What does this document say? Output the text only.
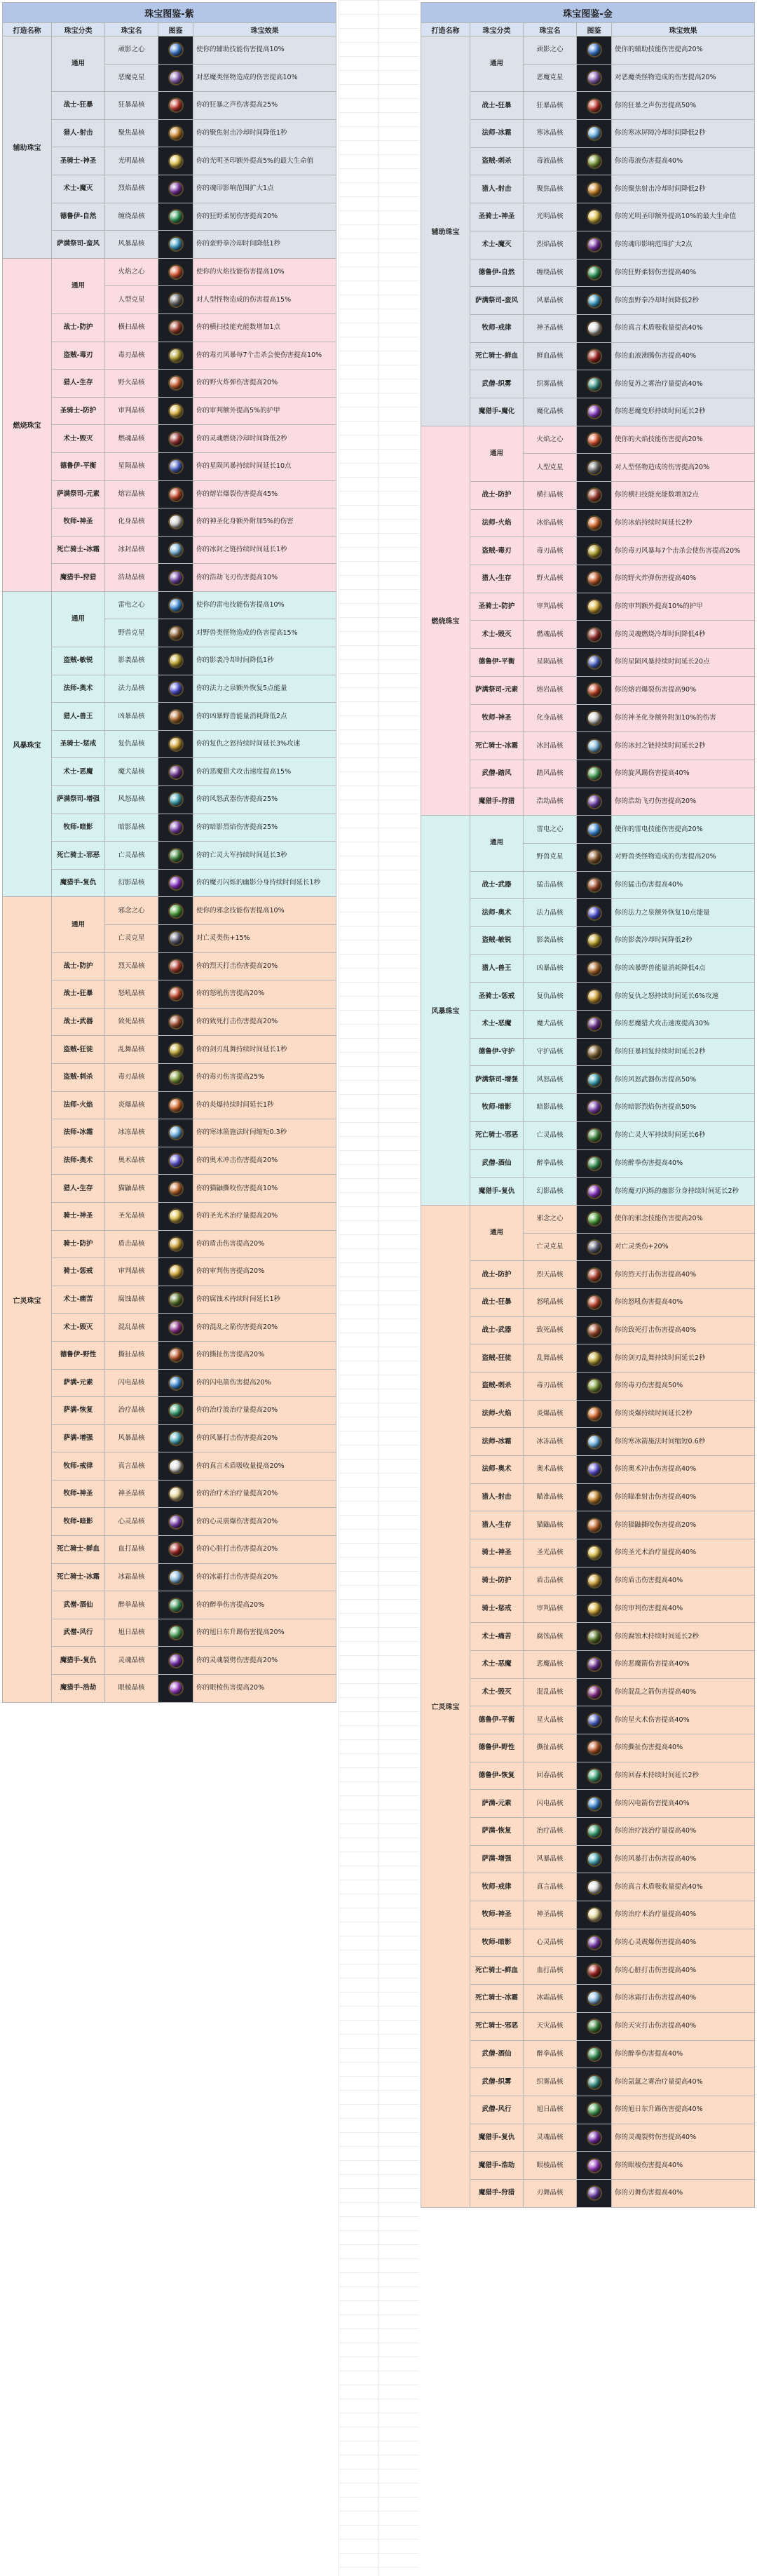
珠宝图鉴-紫				
打造名称	珠宝分类	珠宝名	图鉴	珠宝效果
辅助珠宝	通用	顽影之心		使你的辅助技能伤害提高10%
		恶魔克星		对恶魔类怪物造成的伤害提高10%
	战士-狂暴	狂暴晶核		你的狂暴之声伤害提高25%
	猎人-射击	聚焦晶核		你的聚焦射击冷却时间降低1秒
	圣骑士-神圣	光明晶核		你的光明圣印额外提高5%的最大生命值
	术士-魔灭	烈焰晶核		你的魂印影响范围扩大1点
	德鲁伊-自然	缠绕晶核		你的狂野柔韧伤害提高20%
	萨满祭司-蛮风	风暴晶核		你的蛮野拳冷却时间降低1秒
燃烧珠宝	通用	火焰之心		使你的火焰技能伤害提高10%
		人型克星		对人型怪物造成的伤害提高15%
	战士-防护	横扫晶核		你的横扫技能充能数增加1点
	盗贼-毒刃	毒刃晶核		你的毒刃风暴每7个击杀会使伤害提高10%
	猎人-生存	野火晶核		你的野火炸弹伤害提高20%
	圣骑士-防护	审判晶核		你的审判额外提高5%的护甲
	术士-毁灭	燃魂晶核		你的灵魂燃烧冷却时间降低2秒
	德鲁伊-平衡	星陨晶核		你的星陨风暴持续时间延长10点
	萨满祭司-元素	熔岩晶核		你的熔岩爆裂伤害提高45%
	牧师-神圣	化身晶核		你的神圣化身额外附加5%的伤害
	死亡骑士-冰霜	冰封晶核		你的冰封之链持续时间延长1秒
	魔猎手-狩猎	浩劫晶核		你的浩劫飞刃伤害提高10%
风暴珠宝	通用	雷电之心		使你的雷电技能伤害提高10%
		野兽克星		对野兽类怪物造成的伤害提高15%
	盗贼-敏锐	影袭晶核		你的影袭冷却时间降低1秒
	法师-奥术	法力晶核		你的法力之泉额外恢复5点能量
	猎人-兽王	凶暴晶核		你的凶暴野兽能量消耗降低2点
	圣骑士-惩戒	复仇晶核		你的复仇之怒持续时间延长3%攻速
	术士-恶魔	魔犬晶核		你的恶魔猎犬攻击速度提高15%
	萨满祭司-增强	风怒晶核		你的风怒武器伤害提高25%
	牧师-暗影	暗影晶核		你的暗影烈焰伤害提高25%
	死亡骑士-邪恶	亡灵晶核		你的亡灵大军持续时间延长3秒
	魔猎手-复仇	幻影晶核		你的魔刃闪烁的幽影分身持续时间延长1秒
亡灵珠宝	通用	邪念之心		使你的邪念技能伤害提高10%
		亡灵克星		对亡灵类伤+15%
	战士-防护	烈天晶核		你的烈天打击伤害提高20%
	战士-狂暴	怒吼晶核		你的怒吼伤害提高20%
	战士-武器	致死晶核		你的致死打击伤害提高20%
	盗贼-狂徒	乱舞晶核		你的剑刃乱舞持续时间延长1秒
	盗贼-刺杀	毒刃晶核		你的毒刃伤害提高25%
	法师-火焰	炎爆晶核		你的炎爆持续时间延长1秒
	法师-冰霜	冰冻晶核		你的寒冰箭施法时间缩短0.3秒
	法师-奥术	奥术晶核		你的奥术冲击伤害提高20%
	猎人-生存	猫鼬晶核		你的猫鼬撕咬伤害提高10%
	骑士-神圣	圣光晶核		你的圣光术治疗量提高20%
	骑士-防护	盾击晶核		你的盾击伤害提高20%
	骑士-惩戒	审判晶核		你的审判伤害提高20%
	术士-痛苦	腐蚀晶核		你的腐蚀术持续时间延长1秒
	术士-毁灭	混乱晶核		你的混乱之箭伤害提高20%
	德鲁伊-野性	撕扯晶核		你的撕扯伤害提高20%
	萨满-元素	闪电晶核		你的闪电箭伤害提高20%
	萨满-恢复	治疗晶核		你的治疗波治疗量提高20%
	萨满-增强	风暴晶核		你的风暴打击伤害提高20%
	牧师-戒律	真言晶核		你的真言术盾吸收量提高20%
	牧师-神圣	神圣晶核		你的治疗术治疗量提高20%
	牧师-暗影	心灵晶核		你的心灵震爆伤害提高20%
	死亡骑士-鲜血	血打晶核		你的心脏打击伤害提高20%
	死亡骑士-冰霜	冰霜晶核		你的冰霜打击伤害提高20%
	武僧-酒仙	醉拳晶核		你的醉拳伤害提高20%
	武僧-风行	旭日晶核		你的旭日东升踢伤害提高20%
	魔猎手-复仇	灵魂晶核		你的灵魂裂劈伤害提高20%
	魔猎手-浩劫	眼棱晶核		你的眼棱伤害提高20%
珠宝图鉴-金				
打造名称	珠宝分类	珠宝名	图鉴	珠宝效果
辅助珠宝	通用	顽影之心		使你的辅助技能伤害提高20%
		恶魔克星		对恶魔类怪物造成的伤害提高20%
	战士-狂暴	狂暴晶核		你的狂暴之声伤害提高50%
	法师-冰霜	寒冰晶核		你的寒冰屏障冷却时间降低2秒
	盗贼-刺杀	毒液晶核		你的毒液伤害提高40%
	猎人-射击	聚焦晶核		你的聚焦射击冷却时间降低2秒
	圣骑士-神圣	光明晶核		你的光明圣印额外提高10%的最大生命值
	术士-魔灭	烈焰晶核		你的魂印影响范围扩大2点
	德鲁伊-自然	缠绕晶核		你的狂野柔韧伤害提高40%
	萨满祭司-蛮风	风暴晶核		你的蛮野拳冷却时间降低2秒
	牧师-戒律	神圣晶核		你的真言术盾吸收量提高40%
	死亡骑士-鲜血	鲜血晶核		你的血液沸腾伤害提高40%
	武僧-织雾	织雾晶核		你的复苏之雾治疗量提高40%
	魔猎手-魔化	魔化晶核		你的恶魔变形持续时间延长2秒
燃烧珠宝	通用	火焰之心		使你的火焰技能伤害提高20%
		人型克星		对人型怪物造成的伤害提高20%
	战士-防护	横扫晶核		你的横扫技能充能数增加2点
	法师-火焰	冰焰晶核		你的冰焰持续时间延长2秒
	盗贼-毒刃	毒刃晶核		你的毒刃风暴每7个击杀会使伤害提高20%
	猎人-生存	野火晶核		你的野火炸弹伤害提高40%
	圣骑士-防护	审判晶核		你的审判额外提高10%的护甲
	术士-毁灭	燃魂晶核		你的灵魂燃烧冷却时间降低4秒
	德鲁伊-平衡	星陨晶核		你的星陨风暴持续时间延长20点
	萨满祭司-元素	熔岩晶核		你的熔岩爆裂伤害提高90%
	牧师-神圣	化身晶核		你的神圣化身额外附加10%的伤害
	死亡骑士-冰霜	冰封晶核		你的冰封之链持续时间延长2秒
	武僧-踏风	踏风晶核		你的旋风踢伤害提高40%
	魔猎手-狩猎	浩劫晶核		你的浩劫飞刃伤害提高20%
风暴珠宝	通用	雷电之心		使你的雷电技能伤害提高20%
		野兽克星		对野兽类怪物造成的伤害提高20%
	战士-武器	猛击晶核		你的猛击伤害提高40%
	法师-奥术	法力晶核		你的法力之泉额外恢复10点能量
	盗贼-敏锐	影袭晶核		你的影袭冷却时间降低2秒
	猎人-兽王	凶暴晶核		你的凶暴野兽能量消耗降低4点
	圣骑士-惩戒	复仇晶核		你的复仇之怒持续时间延长6%攻速
	术士-恶魔	魔犬晶核		你的恶魔猎犬攻击速度提高30%
	德鲁伊-守护	守护晶核		你的狂暴回复持续时间延长2秒
	萨满祭司-增强	风怒晶核		你的风怒武器伤害提高50%
	牧师-暗影	暗影晶核		你的暗影烈焰伤害提高50%
	死亡骑士-邪恶	亡灵晶核		你的亡灵大军持续时间延长6秒
	武僧-酒仙	醉拳晶核		你的醉拳伤害提高40%
	魔猎手-复仇	幻影晶核		你的魔刃闪烁的幽影分身持续时间延长2秒
亡灵珠宝	通用	邪念之心		使你的邪念技能伤害提高20%
		亡灵克星		对亡灵类伤+20%
	战士-防护	烈天晶核		你的烈天打击伤害提高40%
	战士-狂暴	怒吼晶核		你的怒吼伤害提高40%
	战士-武器	致死晶核		你的致死打击伤害提高40%
	盗贼-狂徒	乱舞晶核		你的剑刃乱舞持续时间延长2秒
	盗贼-刺杀	毒刃晶核		你的毒刃伤害提高50%
	法师-火焰	炎爆晶核		你的炎爆持续时间延长2秒
	法师-冰霜	冰冻晶核		你的寒冰箭施法时间缩短0.6秒
	法师-奥术	奥术晶核		你的奥术冲击伤害提高40%
	猎人-射击	瞄准晶核		你的瞄准射击伤害提高40%
	猎人-生存	猫鼬晶核		你的猫鼬撕咬伤害提高20%
	骑士-神圣	圣光晶核		你的圣光术治疗量提高40%
	骑士-防护	盾击晶核		你的盾击伤害提高40%
	骑士-惩戒	审判晶核		你的审判伤害提高40%
	术士-痛苦	腐蚀晶核		你的腐蚀术持续时间延长2秒
	术士-恶魔	恶魔晶核		你的恶魔箭伤害提高40%
	术士-毁灭	混乱晶核		你的混乱之箭伤害提高40%
	德鲁伊-平衡	星火晶核		你的星火术伤害提高40%
	德鲁伊-野性	撕扯晶核		你的撕扯伤害提高40%
	德鲁伊-恢复	回春晶核		你的回春术持续时间延长2秒
	萨满-元素	闪电晶核		你的闪电箭伤害提高40%
	萨满-恢复	治疗晶核		你的治疗波治疗量提高40%
	萨满-增强	风暴晶核		你的风暴打击伤害提高40%
	牧师-戒律	真言晶核		你的真言术盾吸收量提高40%
	牧师-神圣	神圣晶核		你的治疗术治疗量提高40%
	牧师-暗影	心灵晶核		你的心灵震爆伤害提高40%
	死亡骑士-鲜血	血打晶核		你的心脏打击伤害提高40%
	死亡骑士-冰霜	冰霜晶核		你的冰霜打击伤害提高40%
	死亡骑士-邪恶	天灾晶核		你的天灾打击伤害提高40%
	武僧-酒仙	醉拳晶核		你的醉拳伤害提高40%
	武僧-织雾	织雾晶核		你的氤氲之雾治疗量提高40%
	武僧-风行	旭日晶核		你的旭日东升踢伤害提高40%
	魔猎手-复仇	灵魂晶核		你的灵魂裂劈伤害提高40%
	魔猎手-浩劫	眼棱晶核		你的眼棱伤害提高40%
	魔猎手-狩猎	刃舞晶核		你的刃舞伤害提高40%
